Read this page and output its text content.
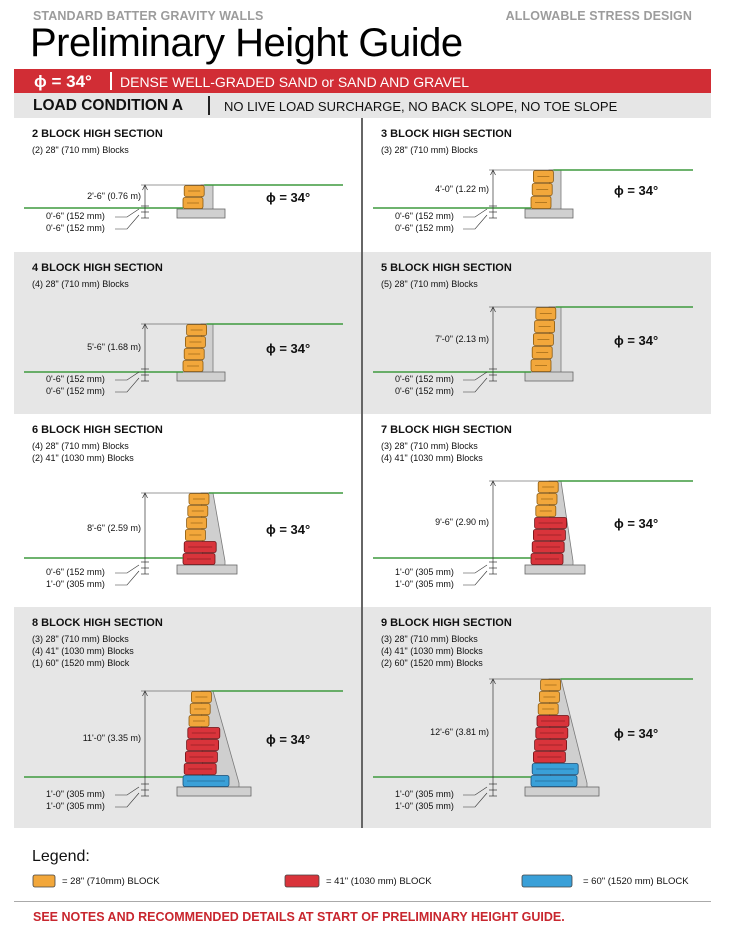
STANDARD BATTER GRAVITY WALLS	ALLOWABLE STRESS DESIGN
Preliminary Height Guide
ϕ = 34° DENSE WELL-GRADED SAND or SAND AND GRAVEL
LOAD CONDITION A	NO LIVE LOAD SURCHARGE, NO BACK SLOPE, NO TOE SLOPE
2 BLOCK HIGH SECTION
(2) 28" (710 mm) Blocks
2'-6" (0.76 m)
0'-6" (152 mm)
0'-6" (152 mm)
ϕ = 34°
3 BLOCK HIGH SECTION
(3) 28" (710 mm) Blocks
4'-0" (1.22 m)
0'-6" (152 mm)
0'-6" (152 mm)
ϕ = 34°
4 BLOCK HIGH SECTION
(4) 28" (710 mm) Blocks
5'-6" (1.68 m)
0'-6" (152 mm)
0'-6" (152 mm)
ϕ = 34°
5 BLOCK HIGH SECTION
(5) 28" (710 mm) Blocks
7'-0" (2.13 m)
0'-6" (152 mm)
0'-6" (152 mm)
ϕ = 34°
6 BLOCK HIGH SECTION
(4) 28" (710 mm) Blocks
(2) 41" (1030 mm) Blocks
8'-6" (2.59 m)
0'-6" (152 mm)
1'-0" (305 mm)
ϕ = 34°
7 BLOCK HIGH SECTION
(3) 28" (710 mm) Blocks
(4) 41" (1030 mm) Blocks
9'-6" (2.90 m)
1'-0" (305 mm)
1'-0" (305 mm)
ϕ = 34°
8 BLOCK HIGH SECTION
(3) 28" (710 mm) Blocks
(4) 41" (1030 mm) Blocks
(1) 60" (1520 mm) Block
11'-0" (3.35 m)
1'-0" (305 mm)
1'-0" (305 mm)
ϕ = 34°
9 BLOCK HIGH SECTION
(3) 28" (710 mm) Blocks
(4) 41" (1030 mm) Blocks
(2) 60" (1520 mm) Blocks
12'-6" (3.81 m)
1'-0" (305 mm)
1'-0" (305 mm)
ϕ = 34°
Legend:
= 28" (710mm) BLOCK	= 41" (1030 mm) BLOCK	= 60" (1520 mm) BLOCK
SEE NOTES AND RECOMMENDED DETAILS AT START OF PRELIMINARY HEIGHT GUIDE.
